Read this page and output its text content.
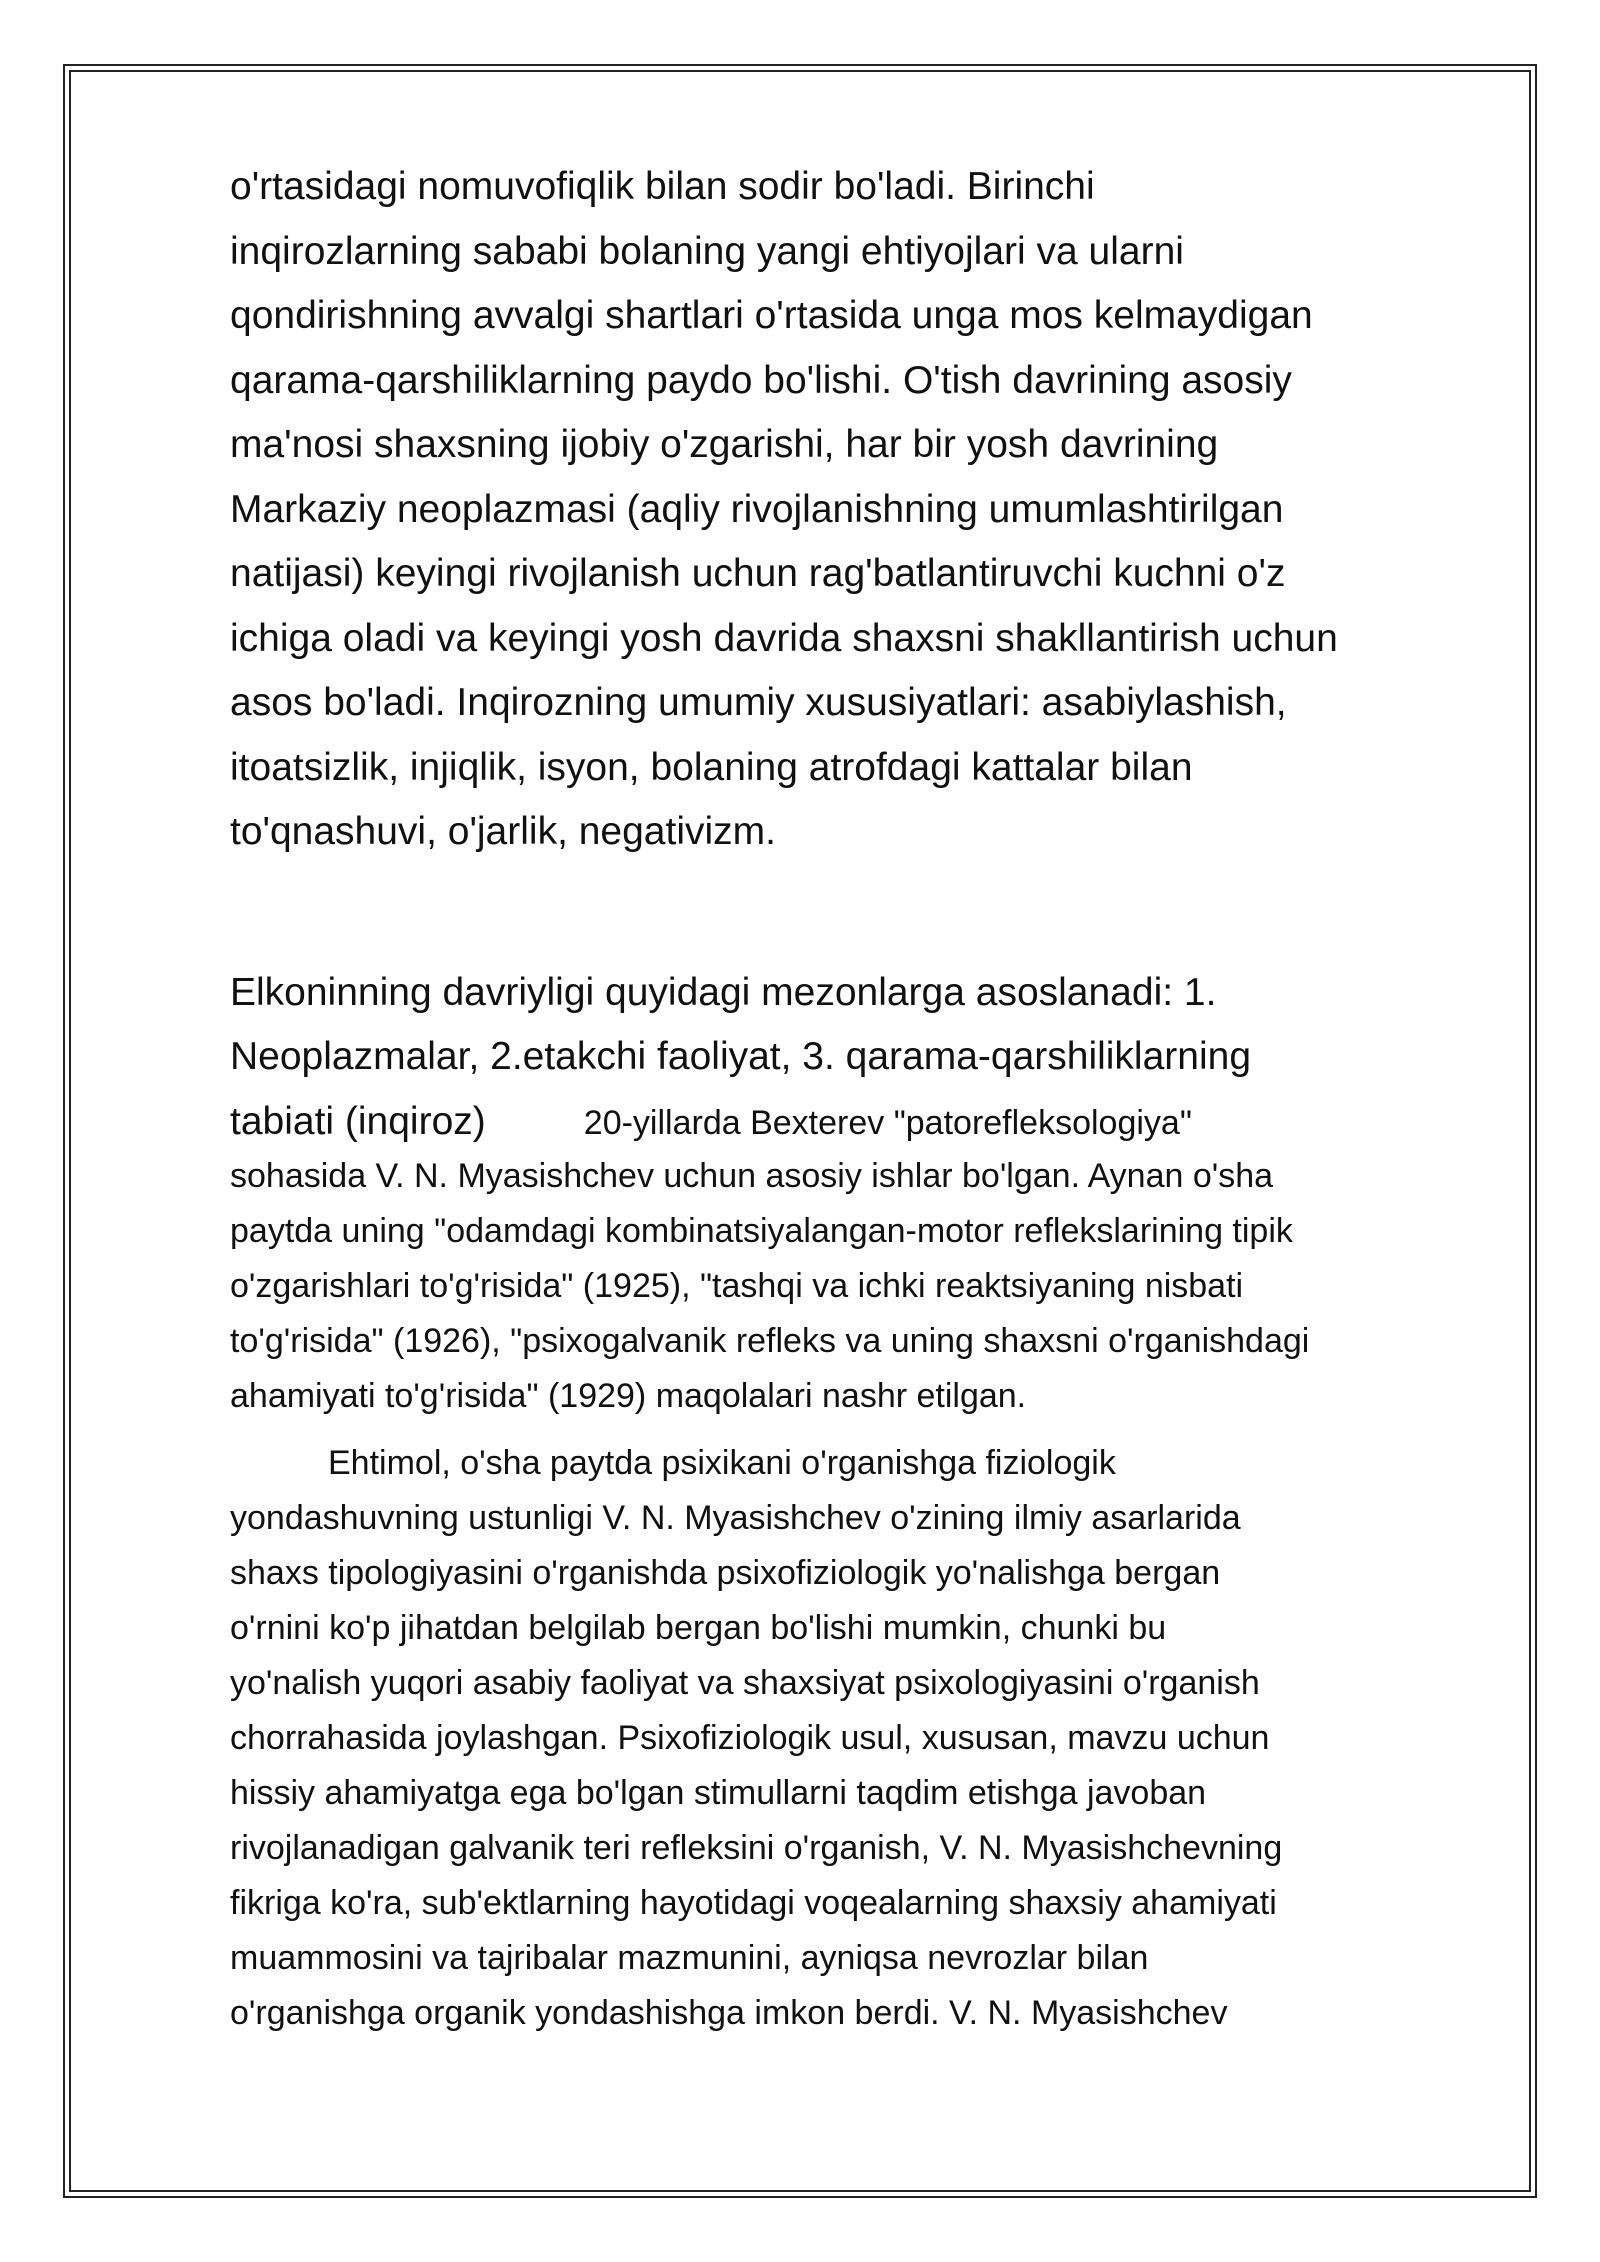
o'rtasidagi nomuvofiqlik bilan sodir bo'ladi. Birinchi
inqirozlarning sababi bolaning yangi ehtiyojlari va ularni
qondirishning avvalgi shartlari o'rtasida unga mos kelmaydigan
qarama-qarshiliklarning paydo bo'lishi. O'tish davrining asosiy
ma'nosi shaxsning ijobiy o'zgarishi, har bir yosh davrining
Markaziy neoplazmasi (aqliy rivojlanishning umumlashtirilgan
natijasi) keyingi rivojlanish uchun rag'batlantiruvchi kuchni o'z
ichiga oladi va keyingi yosh davrida shaxsni shakllantirish uchun
asos bo'ladi. Inqirozning umumiy xususiyatlari: asabiylashish,
itoatsizlik, injiqlik, isyon, bolaning atrofdagi kattalar bilan
to'qnashuvi, o'jarlik, negativizm.
Elkoninning davriyligi quyidagi mezonlarga asoslanadi: 1.
Neoplazmalar, 2.etakchi faoliyat, 3. qarama-qarshiliklarning
tabiati (inqiroz)	20-yillarda Bexterev "patorefleksologiya"
sohasida V. N. Myasishchev uchun asosiy ishlar bo'lgan. Aynan o'sha
paytda uning "odamdagi kombinatsiyalangan-motor reflekslarining tipik
o'zgarishlari to'g'risida" (1925), "tashqi va ichki reaktsiyaning nisbati
to'g'risida" (1926), "psixogalvanik refleks va uning shaxsni o'rganishdagi
ahamiyati to'g'risida" (1929) maqolalari nashr etilgan.
Ehtimol, o'sha paytda psixikani o'rganishga fiziologik
yondashuvning ustunligi V. N. Myasishchev o'zining ilmiy asarlarida
shaxs tipologiyasini o'rganishda psixofiziologik yo'nalishga bergan
o'rnini ko'p jihatdan belgilab bergan bo'lishi mumkin, chunki bu
yo'nalish yuqori asabiy faoliyat va shaxsiyat psixologiyasini o'rganish
chorrahasida joylashgan. Psixofiziologik usul, xususan, mavzu uchun
hissiy ahamiyatga ega bo'lgan stimullarni taqdim etishga javoban
rivojlanadigan galvanik teri refleksini o'rganish, V. N. Myasishchevning
fikriga ko'ra, sub'ektlarning hayotidagi voqealarning shaxsiy ahamiyati
muammosini va tajribalar mazmunini, ayniqsa nevrozlar bilan
o'rganishga organik yondashishga imkon berdi. V. N. Myasishchev
